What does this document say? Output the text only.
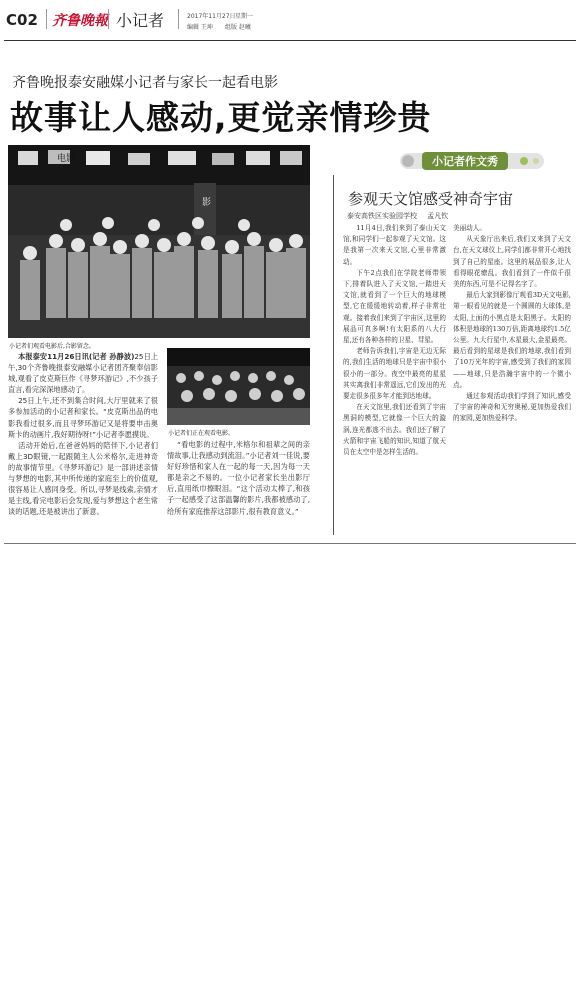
C02 齐鲁晚報 小记者	2017年11月27日 星期一
编辑 王坤 组版 赵曦
齐鲁晚报泰安融媒小记者与家长一起看电影
故事让人感动,更觉亲情珍贵
电影
影
小记者们观看电影后,合影留念。

本报泰安11月26日讯(记者 孙静波)25日上午,30个齐鲁晚报泰安融媒小记者团齐聚奉信影城,观看了皮克斯巨作《寻梦环游记》,不少孩子直言,看完深深地感动了。

25日上午,还不到集合时间,大厅里就来了很多参加活动的小记者和家长。“皮克斯出品的电影我看过很多,而且寻梦环游记又是将要申击奥斯卡的动画片,我好期待呀!”小记者李愿摸说。

活动开始后,在爸爸妈妈的陪伴下,小记者们戴上3D眼镜,一起跟随主人公米格尔,走进神奇的故事情节里。《寻梦环游记》是一部讲述亲情与梦想的电影,其中所传递的家庭至上的价值观,很容易让人感同身受。所以,寻梦是线索,亲情才是主线,看完电影后会发现,爱与梦想这个老生常谈的话题,还是被讲出了新意。

小记者们正在观看电影。

“看电影的过程中,米格尔和祖辈之间的亲情故事,让我感动到流泪。”小记者刘一佳说,要好好珍惜和家人在一起的每一天,因为每一天都是亲之不易的。一位小记者家长坐出影厅后,直用纸巾擦眼泪。“这个活动太棒了,和孩子一起感受了这部温馨的影片,我都被感动了,给所有家庭推荐这部影片,很有教育意义。”

小记者作文秀
参观天文馆感受神奇宇宙
泰安高铁区实验园学校 孟凡钦

11月4日,我们来到了泰山天文馆,和同学们一起参观了天文馆。这是我第一次来天文馆,心里非常激动。

下午2点我们在学院老师带领下,排着队进入了天文馆,一踏进天文馆,就看到了一个巨大的地球模型,它在缓缓地转动着,样子非常壮观。接着我们来到了宇宙区,这里的展品可真多啊!有太阳系的八大行星,还有各种各样的卫星、彗星。

老师告诉我们,宇宙是无边无际的,我们生活的地球只是宇宙中很小很小的一部分。夜空中最亮的星星其实离我们非常遥远,它们发出的光要走很多很多年才能到达地球。

在天文馆里,我们还看到了宇宙黑洞的模型,它就像一个巨大的漩涡,连光都逃不出去。我们还了解了火箭和宇宙飞船的知识,知道了航天员在太空中是怎样生活的。

美丽动人。

从天象厅出来后,我们又来到了天文台,在天文球仪上,同学们都非常开心地找到了自己的星座。这里的展品很多,让人看得眼花缭乱。我们看到了一件似千很美的东西,可是不记得名字了。

最后大家到影像厅观看3D天文电影,第一眼看见的就是一个圆圆的大球体,是太阳,上面的小黑点是太阳黑子。太阳的体积是地球的130万倍,距离地球约1.5亿公里。九大行星中,木星最大,金星最亮。最后看到的星球是我们的地球,我们看到了10万光年的宇宙,感受到了我们的家园——地球,只是浩瀚宇宙中的一个微小点。

通过参观活动我们学到了知识,感受了宇宙的神奇和无穷奥秘,更加热爱我们的家园,更加热爱科学。
